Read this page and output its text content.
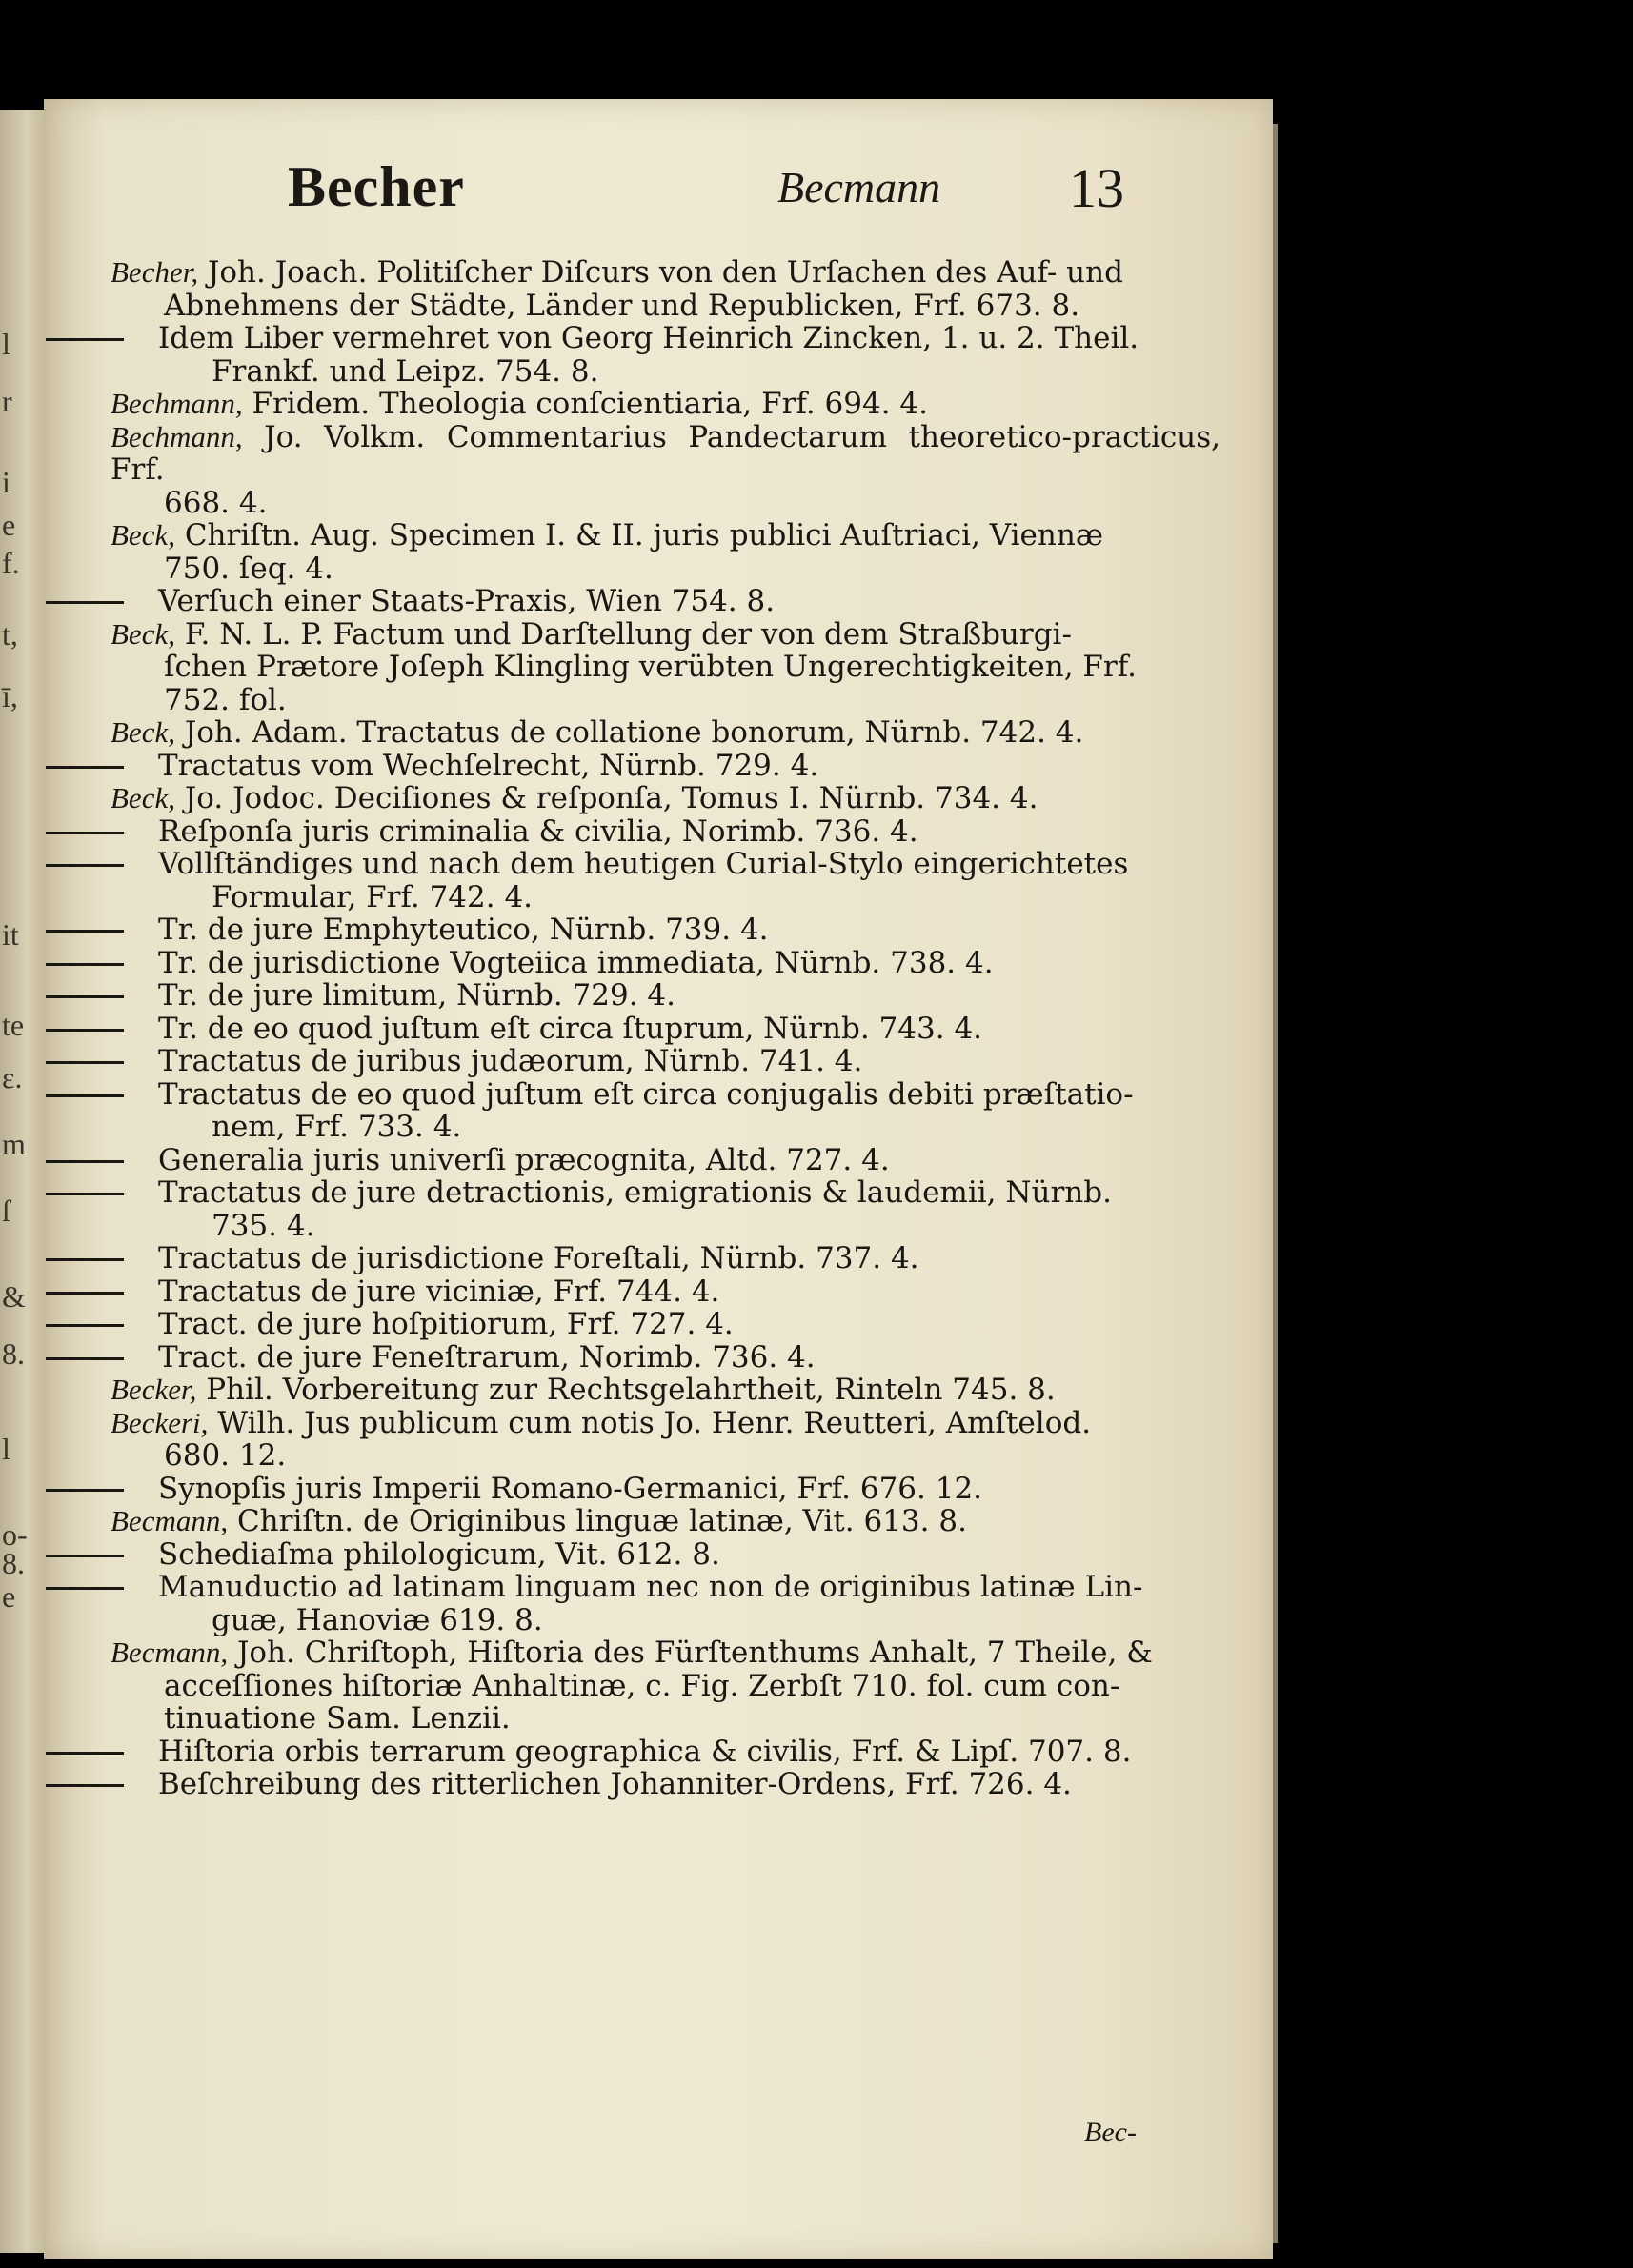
l
r
i
e
f.
t,
ī,
it
te
ε.
m
ſ
&
8.
l
o-
8.
e
Becher	Becmann 13
Becher, Joh. Joach. Politiſcher Diſcurs von den Urſachen des Auf- und
Abnehmens der Städte, Länder und Republicken, Frf. 673. 8.
Idem Liber vermehret von Georg Heinrich Zincken, 1. u. 2. Theil.
Frankf. und Leipz. 754. 8.
Bechmann, Fridem. Theologia conſcientiaria, Frf. 694. 4.
Bechmann, Jo. Volkm. Commentarius Pandectarum theoretico-practicus, Frf.
668. 4.
Beck, Chriſtn. Aug. Specimen I. & II. juris publici Auſtriaci, Viennæ
750. ſeq. 4.
Verſuch einer Staats-Praxis, Wien 754. 8.
Beck, F. N. L. P. Factum und Darſtellung der von dem Straßburgi-
ſchen Prætore Joſeph Klingling verübten Ungerechtigkeiten, Frf.
752. fol.
Beck, Joh. Adam. Tractatus de collatione bonorum, Nürnb. 742. 4.
Tractatus vom Wechſelrecht, Nürnb. 729. 4.
Beck, Jo. Jodoc. Deciſiones & reſponſa, Tomus I. Nürnb. 734. 4.
Reſponſa juris criminalia & civilia, Norimb. 736. 4.
Vollſtändiges und nach dem heutigen Curial-Stylo eingerichtetes
Formular, Frf. 742. 4.
Tr. de jure Emphyteutico, Nürnb. 739. 4.
Tr. de jurisdictione Vogteiica immediata, Nürnb. 738. 4.
Tr. de jure limitum, Nürnb. 729. 4.
Tr. de eo quod juſtum eſt circa ſtuprum, Nürnb. 743. 4.
Tractatus de juribus judæorum, Nürnb. 741. 4.
Tractatus de eo quod juſtum eſt circa conjugalis debiti præſtatio-
nem, Frf. 733. 4.
Generalia juris univerſi præcognita, Altd. 727. 4.
Tractatus de jure detractionis, emigrationis & laudemii, Nürnb.
735. 4.
Tractatus de jurisdictione Foreſtali, Nürnb. 737. 4.
Tractatus de jure viciniæ, Frf. 744. 4.
Tract. de jure hoſpitiorum, Frf. 727. 4.
Tract. de jure Feneſtrarum, Norimb. 736. 4.
Becker, Phil. Vorbereitung zur Rechtsgelahrtheit, Rinteln 745. 8.
Beckeri, Wilh. Jus publicum cum notis Jo. Henr. Reutteri, Amſtelod.
680. 12.
Synopſis juris Imperii Romano-Germanici, Frf. 676. 12.
Becmann, Chriſtn. de Originibus linguæ latinæ, Vit. 613. 8.
Schediaſma philologicum, Vit. 612. 8.
Manuductio ad latinam linguam nec non de originibus latinæ Lin-
guæ, Hanoviæ 619. 8.
Becmann, Joh. Chriſtoph, Hiſtoria des Fürſtenthums Anhalt, 7 Theile, &
acceſſiones hiſtoriæ Anhaltinæ, c. Fig. Zerbſt 710. fol. cum con-
tinuatione Sam. Lenzii.
Hiſtoria orbis terrarum geographica & civilis, Frf. & Lipſ. 707. 8.
Beſchreibung des ritterlichen Johanniter-Ordens, Frf. 726. 4.
Bec-
